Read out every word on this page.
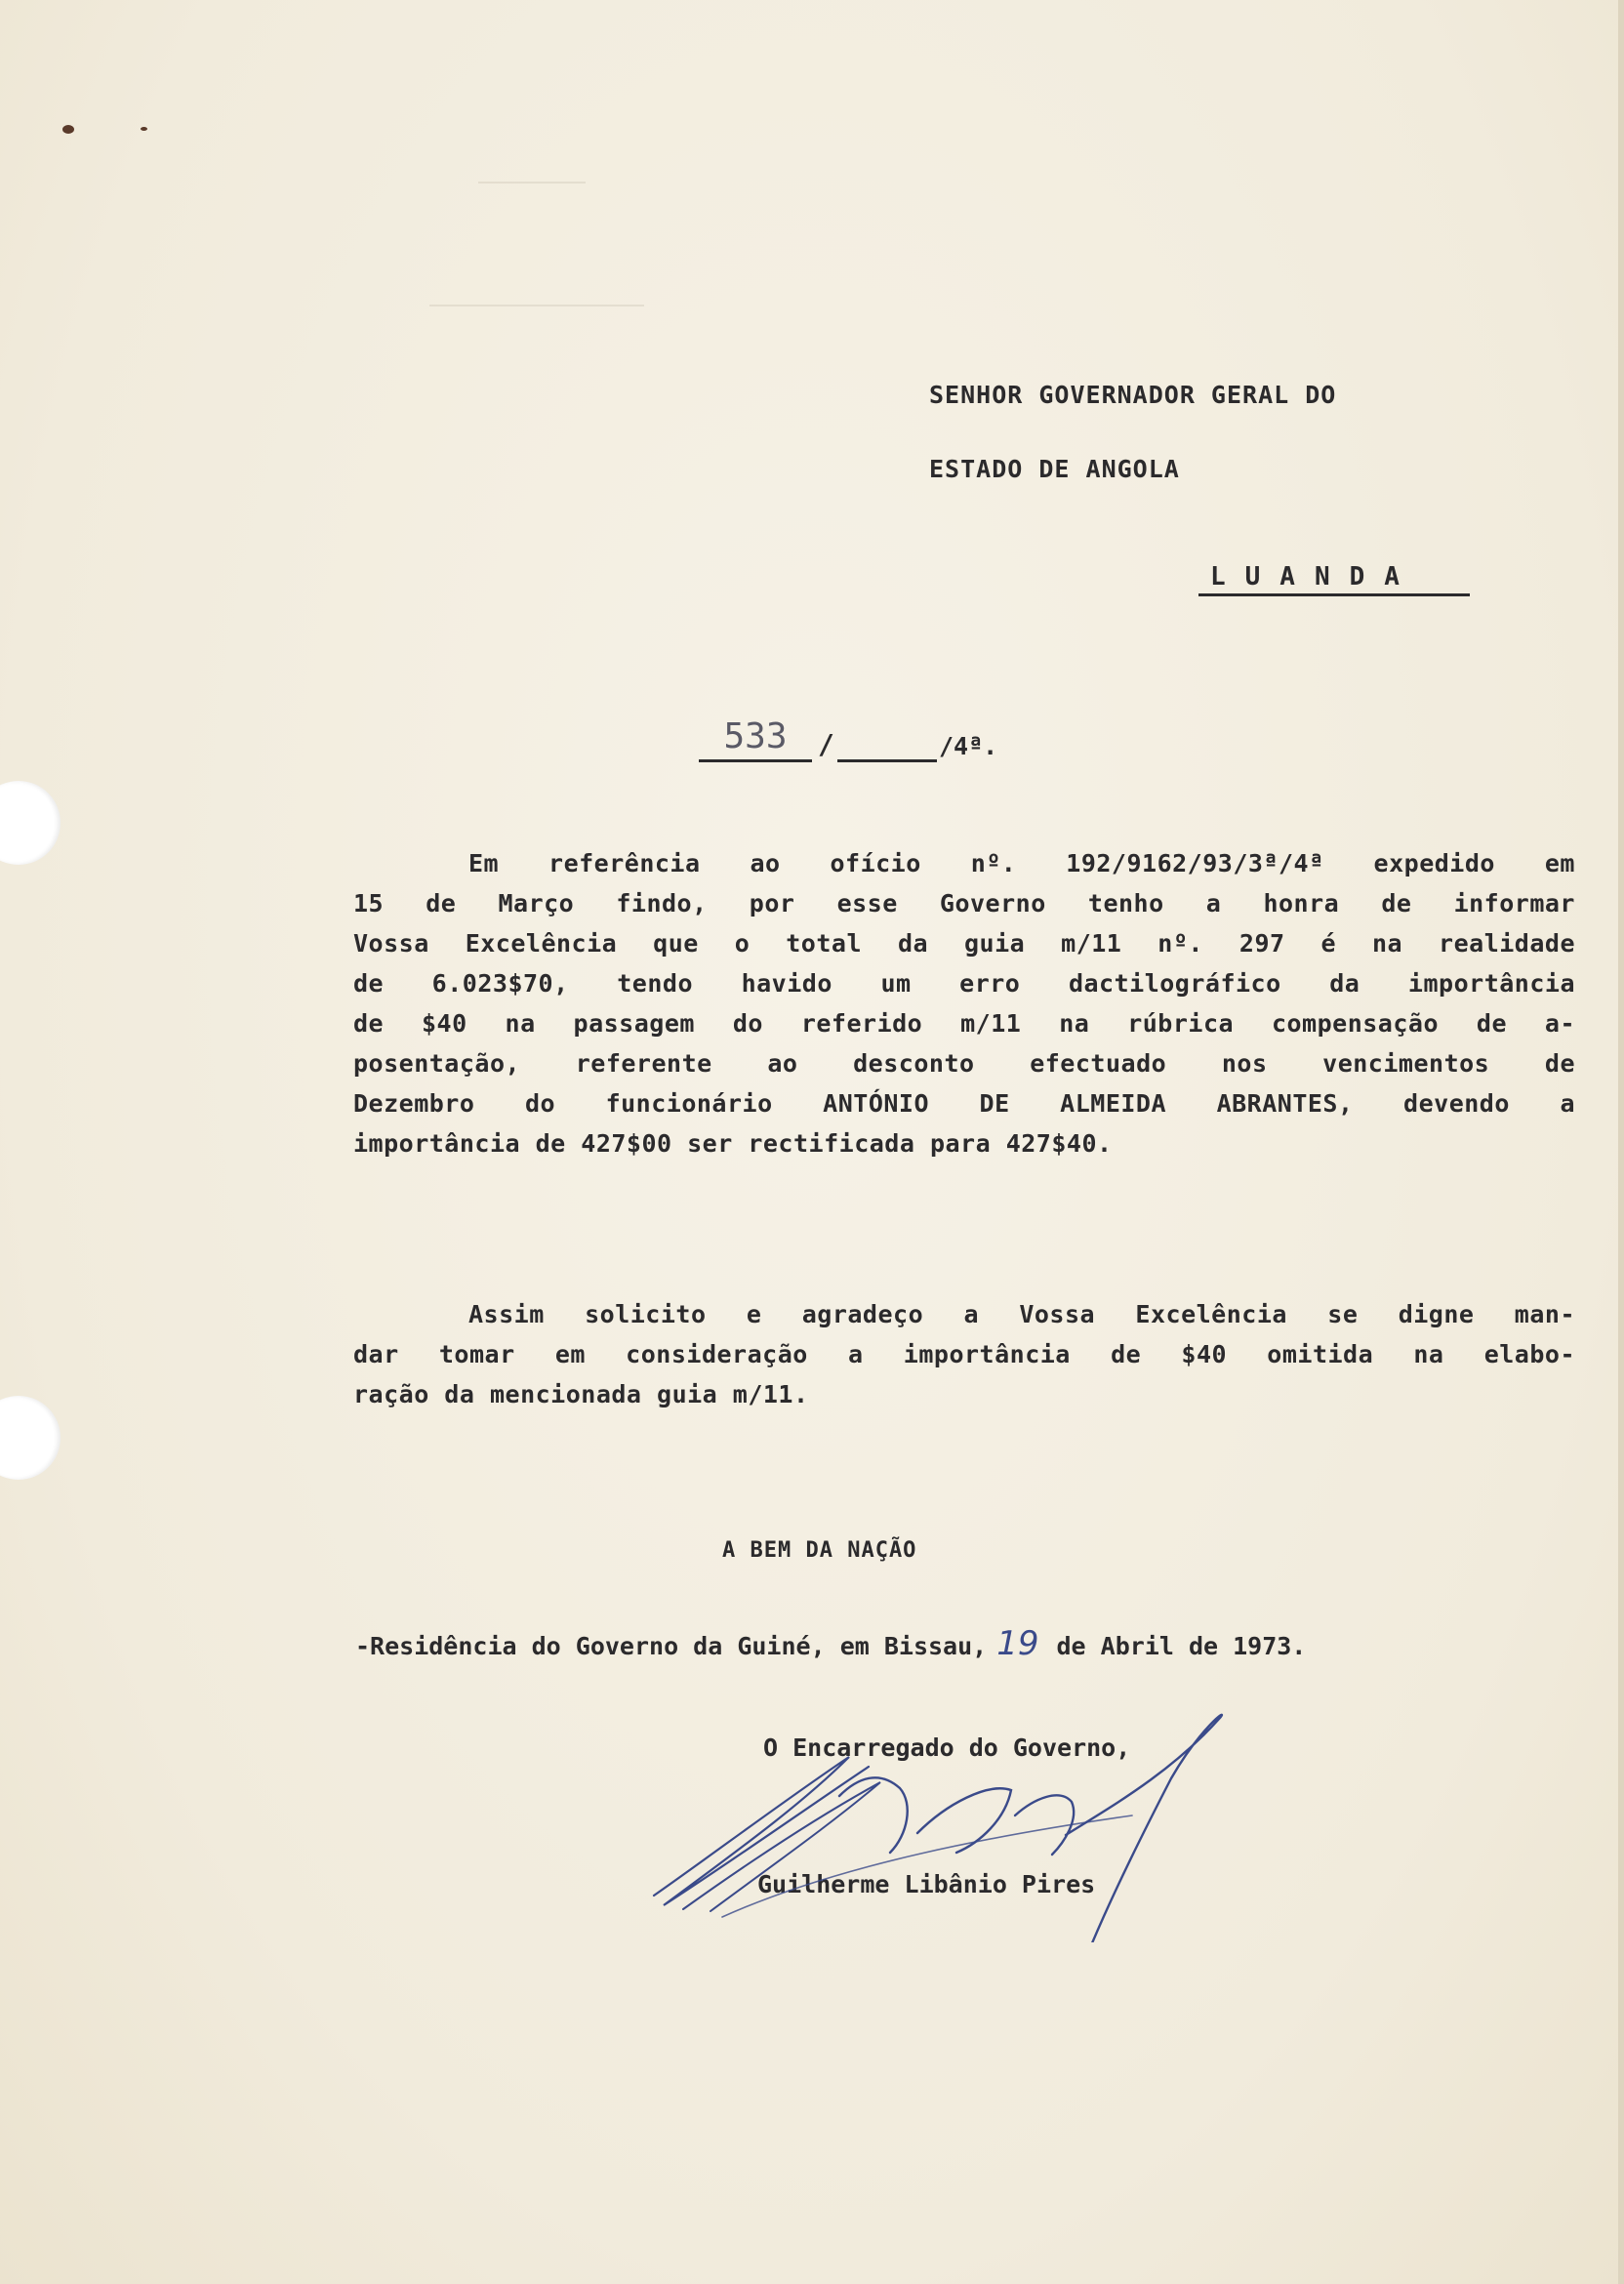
SENHOR GOVERNADOR GERAL DO
ESTADO DE ANGOLA
LUANDA
533	/	/4ª.
Em referência ao ofício nº. 192/9162/93/3ª/4ª expedido em
15 de Março findo, por esse Governo tenho a honra de informar
Vossa Excelência que o total da guia m/11 nº. 297 é na realidade
de 6.023$70, tendo havido um erro dactilográfico da importância
de $40 na passagem do referido m/11 na rúbrica compensação de a-
posentação, referente ao desconto efectuado nos vencimentos de
Dezembro do funcionário ANTÓNIO DE ALMEIDA ABRANTES, devendo a
importância de 427$00 ser rectificada para 427$40.
Assim solicito e agradeço a Vossa Excelência se digne man-
dar tomar em consideração a importância de $40 omitida na elabo-
ração da mencionada guia m/11.
A BEM DA NAÇÃO
-Residência do Governo da Guiné, em Bissau, 19 de Abril de 1973.
O Encarregado do Governo,
Guilherme Libânio Pires
